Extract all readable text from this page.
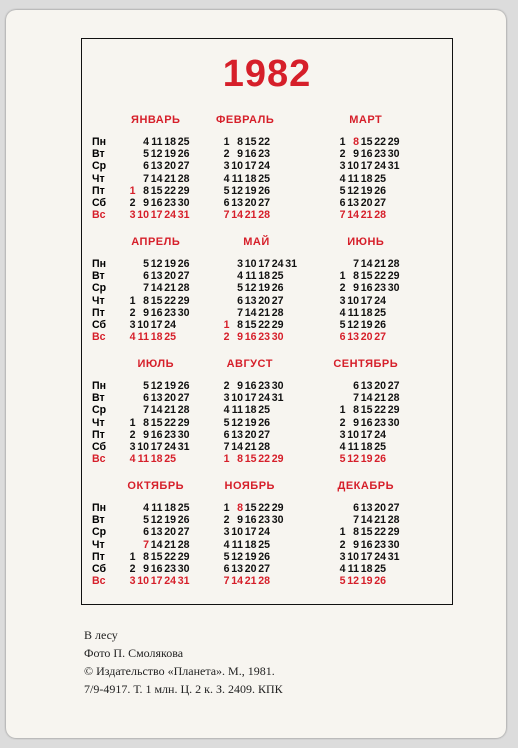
1982
Пн
Вт
Ср
Чт
Пт
Сб
Вс
ЯНВАРЬ
4 11 18 25
5 12 19 26
6 13 20 27
7 14 21 28
1 8 15 22 29
2 9 16 23 30
3 10 17 24 31
ФЕВРАЛЬ
1 8 15 22
2 9 16 23
3 10 17 24
4 11 18 25
5 12 19 26
6 13 20 27
7 14 21 28
МАРТ
1 8 15 22 29
2 9 16 23 30
3 10 17 24 31
4 11 18 25
5 12 19 26
6 13 20 27
7 14 21 28
Пн
Вт
Ср
Чт
Пт
Сб
Вс
АПРЕЛЬ
5 12 19 26
6 13 20 27
7 14 21 28
1 8 15 22 29
2 9 16 23 30
3 10 17 24
4 11 18 25
МАЙ
3 10 17 24 31
4 11 18 25
5 12 19 26
6 13 20 27
7 14 21 28
1 8 15 22 29
2 9 16 23 30
ИЮНЬ
7 14 21 28
1 8 15 22 29
2 9 16 23 30
3 10 17 24
4 11 18 25
5 12 19 26
6 13 20 27
Пн
Вт
Ср
Чт
Пт
Сб
Вс
ИЮЛЬ
5 12 19 26
6 13 20 27
7 14 21 28
1 8 15 22 29
2 9 16 23 30
3 10 17 24 31
4 11 18 25
АВГУСТ
2 9 16 23 30
3 10 17 24 31
4 11 18 25
5 12 19 26
6 13 20 27
7 14 21 28
1 8 15 22 29
СЕНТЯБРЬ
6 13 20 27
7 14 21 28
1 8 15 22 29
2 9 16 23 30
3 10 17 24
4 11 18 25
5 12 19 26
Пн
Вт
Ср
Чт
Пт
Сб
Вс
ОКТЯБРЬ
4 11 18 25
5 12 19 26
6 13 20 27
7 14 21 28
1 8 15 22 29
2 9 16 23 30
3 10 17 24 31
НОЯБРЬ
1 8 15 22 29
2 9 16 23 30
3 10 17 24
4 11 18 25
5 12 19 26
6 13 20 27
7 14 21 28
ДЕКАБРЬ
6 13 20 27
7 14 21 28
1 8 15 22 29
2 9 16 23 30
3 10 17 24 31
4 11 18 25
5 12 19 26
В лесу
Фото П. Смолякова
© Издательство «Планета». М., 1981.
7/9-4917. Т. 1 млн. Ц. 2 к. З. 2409. КПК
